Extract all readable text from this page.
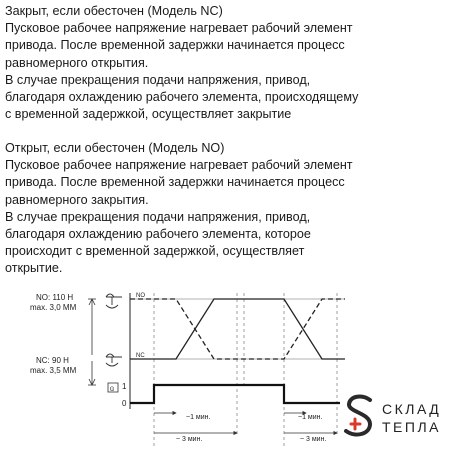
Закрыт, если обесточен (Модель NC)

Пусковое рабочее напряжение нагревает рабочий элемент

привода. После временной задержки начинается процесс

равномерного открытия.

В случае прекращения подачи напряжения, привод,

благодаря охлаждению рабочего элемента, происходящему

с временной задержкой, осуществляет закрытие

Открыт, если обесточен (Модель NO)

Пусковое рабочее напряжение нагревает рабочий элемент

привода. После временной задержки начинается процесс

равномерного закрытия.

В случае прекращения подачи напряжения, привод,

благодаря охлаждению рабочего элемента, которое

происходит с временной задержкой, осуществляет

открытие.

NO: 110 Н
max. 3,0 ММ
NC: 90 Н
max. 3,5 ММ
ü
NO
NC
1
0
~1 мин.	~1 мин.
~ 3 мин.	~ 3 мин.
СКЛАД
ТЕПЛА
